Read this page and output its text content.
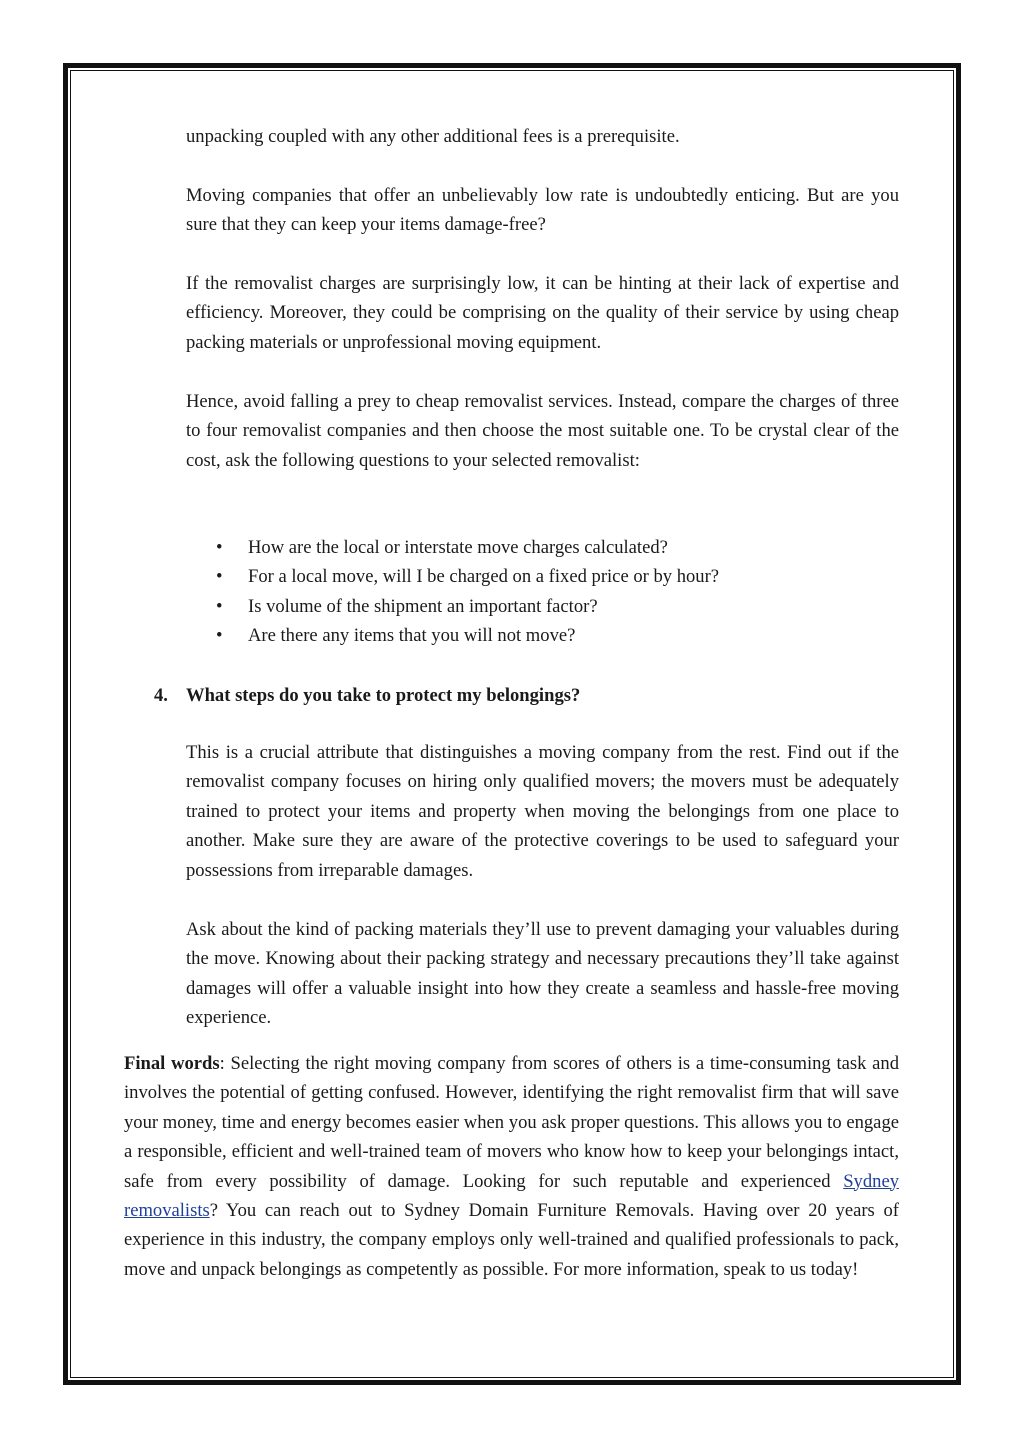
unpacking coupled with any other additional fees is a prerequisite.

Moving companies that offer an unbelievably low rate is undoubtedly enticing. But are you sure that they can keep your items damage-free?

If the removalist charges are surprisingly low, it can be hinting at their lack of expertise and efficiency. Moreover, they could be comprising on the quality of their service by using cheap packing materials or unprofessional moving equipment.

Hence, avoid falling a prey to cheap removalist services. Instead, compare the charges of three to four removalist companies and then choose the most suitable one. To be crystal clear of the cost, ask the following questions to your selected removalist:

• How are the local or interstate move charges calculated?
• For a local move, will I be charged on a fixed price or by hour?
• Is volume of the shipment an important factor?
• Are there any items that you will not move?

4. What steps do you take to protect my belongings?

This is a crucial attribute that distinguishes a moving company from the rest. Find out if the removalist company focuses on hiring only qualified movers; the movers must be adequately trained to protect your items and property when moving the belongings from one place to another. Make sure they are aware of the protective coverings to be used to safeguard your possessions from irreparable damages.

Ask about the kind of packing materials they’ll use to prevent damaging your valuables during the move. Knowing about their packing strategy and necessary precautions they’ll take against damages will offer a valuable insight into how they create a seamless and hassle-free moving experience.

Final words: Selecting the right moving company from scores of others is a time-consuming task and involves the potential of getting confused. However, identifying the right removalist firm that will save your money, time and energy becomes easier when you ask proper questions. This allows you to engage a responsible, efficient and well-trained team of movers who know how to keep your belongings intact, safe from every possibility of damage. Looking for such reputable and experienced Sydney removalists? You can reach out to Sydney Domain Furniture Removals. Having over 20 years of experience in this industry, the company employs only well-trained and qualified professionals to pack, move and unpack belongings as competently as possible. For more information, speak to us today!
